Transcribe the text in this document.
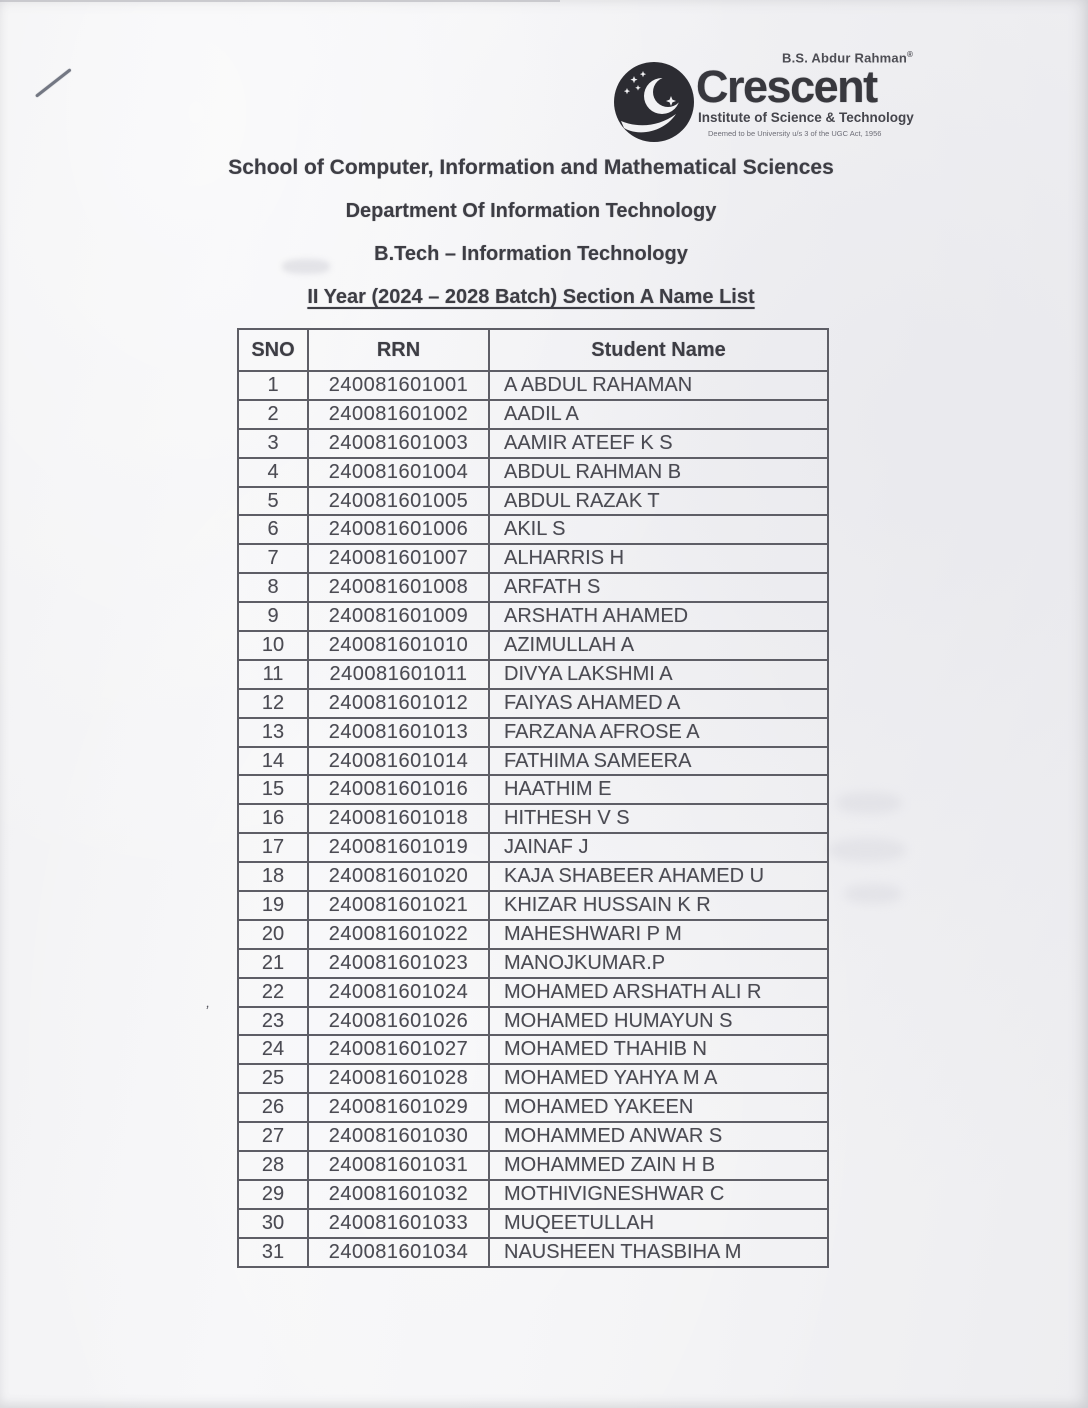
’
B.S. Abdur Rahman®
Crescent
Institute of Science & Technology
Deemed to be University u/s 3 of the UGC Act, 1956

School of Computer, Information and Mathematical Sciences

Department Of Information Technology

B.Tech – Information Technology

II Year (2024 – 2028 Batch) Section A Name List

SNO	RRN	Student Name
1	240081601001	A ABDUL RAHAMAN
2	240081601002	AADIL A
3	240081601003	AAMIR ATEEF K S
4	240081601004	ABDUL RAHMAN B
5	240081601005	ABDUL RAZAK T
6	240081601006	AKIL S
7	240081601007	ALHARRIS H
8	240081601008	ARFATH S
9	240081601009	ARSHATH AHAMED
10	240081601010	AZIMULLAH A
11	240081601011	DIVYA LAKSHMI A
12	240081601012	FAIYAS AHAMED A
13	240081601013	FARZANA AFROSE A
14	240081601014	FATHIMA SAMEERA
15	240081601016	HAATHIM E
16	240081601018	HITHESH V S
17	240081601019	JAINAF J
18	240081601020	KAJA SHABEER AHAMED U
19	240081601021	KHIZAR HUSSAIN K R
20	240081601022	MAHESHWARI P M
21	240081601023	MANOJKUMAR.P
22	240081601024	MOHAMED ARSHATH ALI R
23	240081601026	MOHAMED HUMAYUN S
24	240081601027	MOHAMED THAHIB N
25	240081601028	MOHAMED YAHYA M A
26	240081601029	MOHAMED YAKEEN
27	240081601030	MOHAMMED ANWAR S
28	240081601031	MOHAMMED ZAIN H B
29	240081601032	MOTHIVIGNESHWAR C
30	240081601033	MUQEETULLAH
31	240081601034	NAUSHEEN THASBIHA M
